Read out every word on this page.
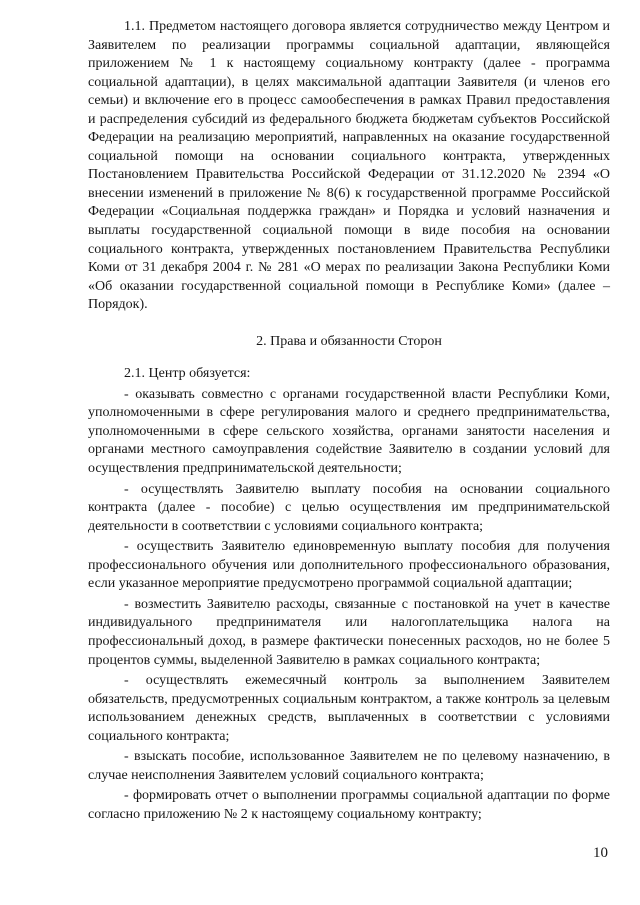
1.1. Предметом настоящего договора является сотрудничество между Центром и Заявителем по реализации программы социальной адаптации, являющейся приложением № 1 к настоящему социальному контракту (далее - программа социальной адаптации), в целях максимальной адаптации Заявителя (и членов его семьи) и включение его в процесс самообеспечения в рамках Правил предоставления и распределения субсидий из федерального бюджета бюджетам субъектов Российской Федерации на реализацию мероприятий, направленных на оказание государственной социальной помощи на основании социального контракта, утвержденных Постановлением Правительства Российской Федерации от 31.12.2020 № 2394 «О внесении изменений в приложение № 8(6) к государственной программе Российской Федерации «Социальная поддержка граждан» и Порядка и условий назначения и выплаты государственной социальной помощи в виде пособия на основании социального контракта, утвержденных постановлением Правительства Республики Коми от 31 декабря 2004 г. № 281 «О мерах по реализации Закона Республики Коми «Об оказании государственной социальной помощи в Республике Коми» (далее – Порядок).

2. Права и обязанности Сторон

2.1. Центр обязуется:

- оказывать совместно с органами государственной власти Республики Коми, уполномоченными в сфере регулирования малого и среднего предпринимательства, уполномоченными в сфере сельского хозяйства, органами занятости населения и органами местного самоуправления содействие Заявителю в создании условий для осуществления предпринимательской деятельности;

- осуществлять Заявителю выплату пособия на основании социального контракта (далее - пособие) с целью осуществления им предпринимательской деятельности в соответствии с условиями социального контракта;

- осуществить Заявителю единовременную выплату пособия для получения профессионального обучения или дополнительного профессионального образования, если указанное мероприятие предусмотрено программой социальной адаптации;

- возместить Заявителю расходы, связанные с постановкой на учет в качестве индивидуального предпринимателя или налогоплательщика налога на профессиональный доход, в размере фактически понесенных расходов, но не более 5 процентов суммы, выделенной Заявителю в рамках социального контракта;

- осуществлять ежемесячный контроль за выполнением Заявителем обязательств, предусмотренных социальным контрактом, а также контроль за целевым использованием денежных средств, выплаченных в соответствии с условиями социального контракта;

- взыскать пособие, использованное Заявителем не по целевому назначению, в случае неисполнения Заявителем условий социального контракта;

- формировать отчет о выполнении программы социальной адаптации по форме согласно приложению № 2 к настоящему социальному контракту;

10
